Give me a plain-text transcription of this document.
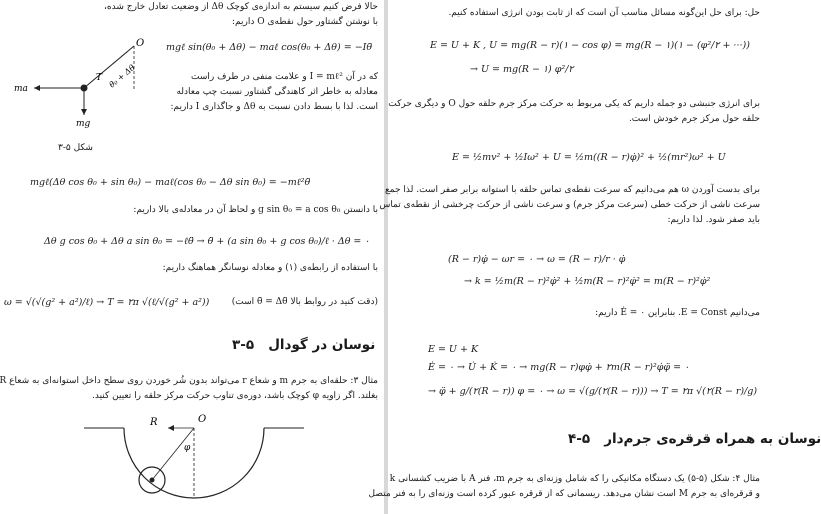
حالا فرض کنیم سیستم به اندازه‌ی کوچک Δθ از وضعیت تعادل خارج شده،
با نوشتن گشتاور حول نقطه‌ی O داریم:
O
T θ₀ + Δθ
ma
mg
mgℓ sin(θ₀ + Δθ) − maℓ cos(θ₀ + Δθ) = −Iθ̈
که در آن I = mℓ² و علامت منفی در طرف راست
معادله به خاطر اثر کاهندگی گشتاور نسبت چپ معادله
است. لذا با بسط دادن نسبت به Δθ و جاگذاری I داریم:
شکل ۵-۳
mgℓ(Δθ cos θ₀ + sin θ₀) − maℓ(cos θ₀ − Δθ sin θ₀) = −mℓ²θ̈
با دانستن g sin θ₀ = a cos θ₀ و لحاظ آن در معادله‌ی بالا داریم:
Δθ g cos θ₀ + Δθ a sin θ₀ = −ℓθ̈ → θ̈ + (a sin θ₀ + g cos θ₀)/ℓ · Δθ = ۰
با استفاده از رابطه‌ی (۱) و معادله نوسانگر هماهنگ داریم:
ω = √(√(g² + a²)/ℓ) → T = ۲π √(ℓ/√(g² + a²)) (دقت کنید در روابط بالا θ̈ = Δθ̈ است)
۳-۵ نوسان در گودال
مثال ۳: حلقه‌ای به جرم m و شعاع r می‌تواند بدون شُر خوردن روی سطح داخل استوانه‌ای به شعاع R
بغلتد. اگر زاویه φ کوچک باشد، دوره‌ی تناوب حرکت مرکز حلقه را تعیین کنید.
R	O
φ
حل: برای حل این‌گونه مسائل مناسب آن است که از ثابت بودن انرژی استفاده کنیم.
E = U + K , U = mg(R − r)(۱ − cos φ) = mg(R − ۱)(۱ − (φ²/۲ + ···))
→ U = mg(R − ۱) φ²/۲
برای انرژی جنبشی دو جمله داریم که یکی مربوط به حرکت مرکز جرم حلقه حول O و دیگری حرکت
حلقه حول مرکز جرم خودش است.
E = ½mv² + ½Iω² + U = ½m((R − r)φ̇)² + ½(mr²)ω² + U
برای بدست آوردن ω هم می‌دانیم که سرعت نقطه‌ی تماس حلقه با استوانه برابر صفر است. لذا جمع
سرعت ناشی از حرکت خطی (سرعت مرکز جرم) و سرعت ناشی از حرکت چرخشی از نقطه‌ی تماس
باید صفر شود. لذا داریم:
(R − r)φ̇ − ωr = ۰ → ω = (R − r)/r · φ̇
→ k = ½m(R − r)²φ̇² + ½m(R − r)²φ̇² = m(R − r)²φ̇²
می‌دانیم E = Const. بنابراین Ė = ۰ داریم:
E = U + K
Ė = ۰ → U̇ + K̇ = ۰ → mg(R − r)φφ̇ + ۲m(R − r)²φ̇φ̈ = ۰
→ φ̈ + g/(۲(R − r)) φ = ۰ → ω = √(g/(۲(R − r))) → T = ۲π √(۲(R − r)/g)
۴-۵ نوسان به همراه قرقره‌ی جرم‌دار
مثال ۴: شکل (۵-۵) یک دستگاه مکانیکی را که شامل وزنه‌ای به جرم m، فنر A با ضریب کشسانی k
و قرقره‌ای به جرم M است نشان می‌دهد. ریسمانی که از قرقره عبور کرده است وزنه‌ای را به فنر متصل
